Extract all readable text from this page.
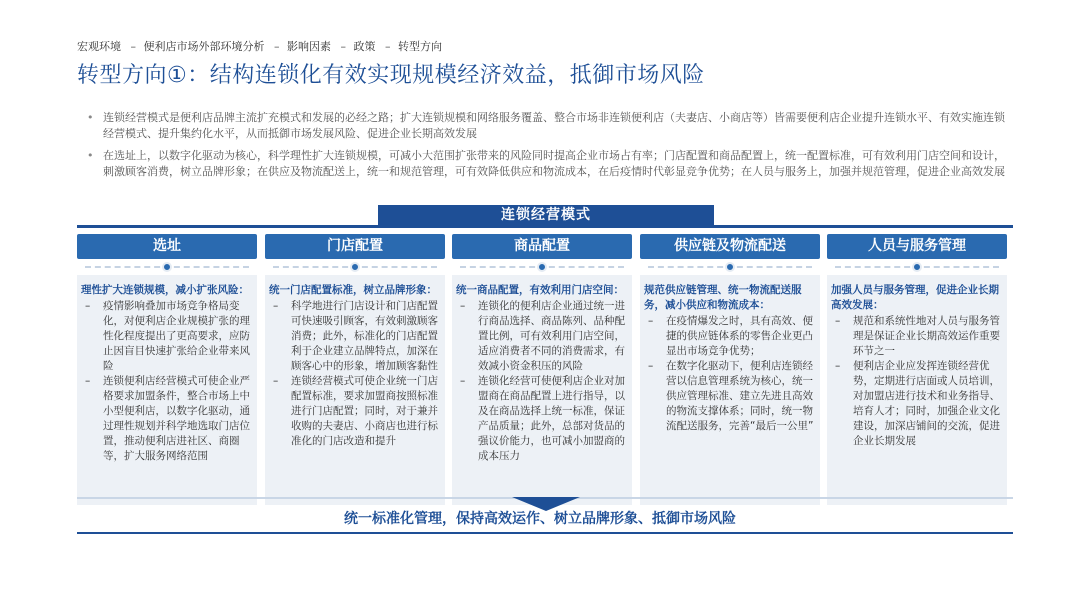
宏观环境 – 便利店市场外部环境分析 – 影响因素 – 政策 – 转型方向
转型方向①：结构连锁化有效实现规模经济效益，抵御市场风险
• 连锁经营模式是便利店品牌主流扩充模式和发展的必经之路；扩大连锁规模和网络服务覆盖、整合市场非连锁便利店（夫妻店、小商店等）皆需要便利店企业提升连锁水平、有效实施连锁经营模式、提升集约化水平，从而抵御市场发展风险、促进企业长期高效发展
• 在选址上，以数字化驱动为核心，科学理性扩大连锁规模，可减小大范围扩张带来的风险同时提高企业市场占有率；门店配置和商品配置上，统一配置标准，可有效利用门店空间和设计，刺激顾客消费，树立品牌形象；在供应及物流配送上，统一和规范管理，可有效降低供应和物流成本，在后疫情时代彰显竞争优势；在人员与服务上，加强并规范管理，促进企业高效发展
连锁经营模式
选址
理性扩大连锁规模，减小扩张风险：
– 疫情影响叠加市场竞争格局变化，对便利店企业规模扩张的理性化程度提出了更高要求，应防止因盲目快速扩张给企业带来风险
– 连锁便利店经营模式可使企业严格要求加盟条件，整合市场上中小型便利店，以数字化驱动，通过理性规划并科学地选取门店位置，推动便利店进社区、商圈等，扩大服务网络范围
门店配置
统一门店配置标准，树立品牌形象：
– 科学地进行门店设计和门店配置可快速吸引顾客，有效刺激顾客消费；此外，标准化的门店配置利于企业建立品牌特点，加深在顾客心中的形象，增加顾客黏性
– 连锁经营模式可使企业统一门店配置标准，要求加盟商按照标准进行门店配置；同时，对于兼并收购的夫妻店、小商店也进行标准化的门店改造和提升
商品配置
统一商品配置，有效利用门店空间：
– 连锁化的便利店企业通过统一进行商品选择、商品陈列、品种配置比例，可有效利用门店空间，适应消费者不同的消费需求，有效减小资金积压的风险
– 连锁化经营可使便利店企业对加盟商在商品配置上进行指导，以及在商品选择上统一标准，保证产品质量；此外，总部对货品的强议价能力，也可减小加盟商的成本压力
供应链及物流配送
规范供应链管理、统一物流配送服务，减小供应和物流成本：
– 在疫情爆发之时，具有高效、便捷的供应链体系的零售企业更凸显出市场竞争优势；
– 在数字化驱动下，便利店连锁经营以信息管理系统为核心，统一供应管理标准、建立先进且高效的物流支撑体系；同时，统一物流配送服务，完善“最后一公里”
人员与服务管理
加强人员与服务管理，促进企业长期高效发展：
– 规范和系统性地对人员与服务管理是保证企业长期高效运作重要环节之一
– 便利店企业应发挥连锁经营优势，定期进行店面或人员培训，对加盟店进行技术和业务指导、培育人才；同时，加强企业文化建设，加深店铺间的交流，促进企业长期发展
统一标准化管理，保持高效运作、树立品牌形象、抵御市场风险
